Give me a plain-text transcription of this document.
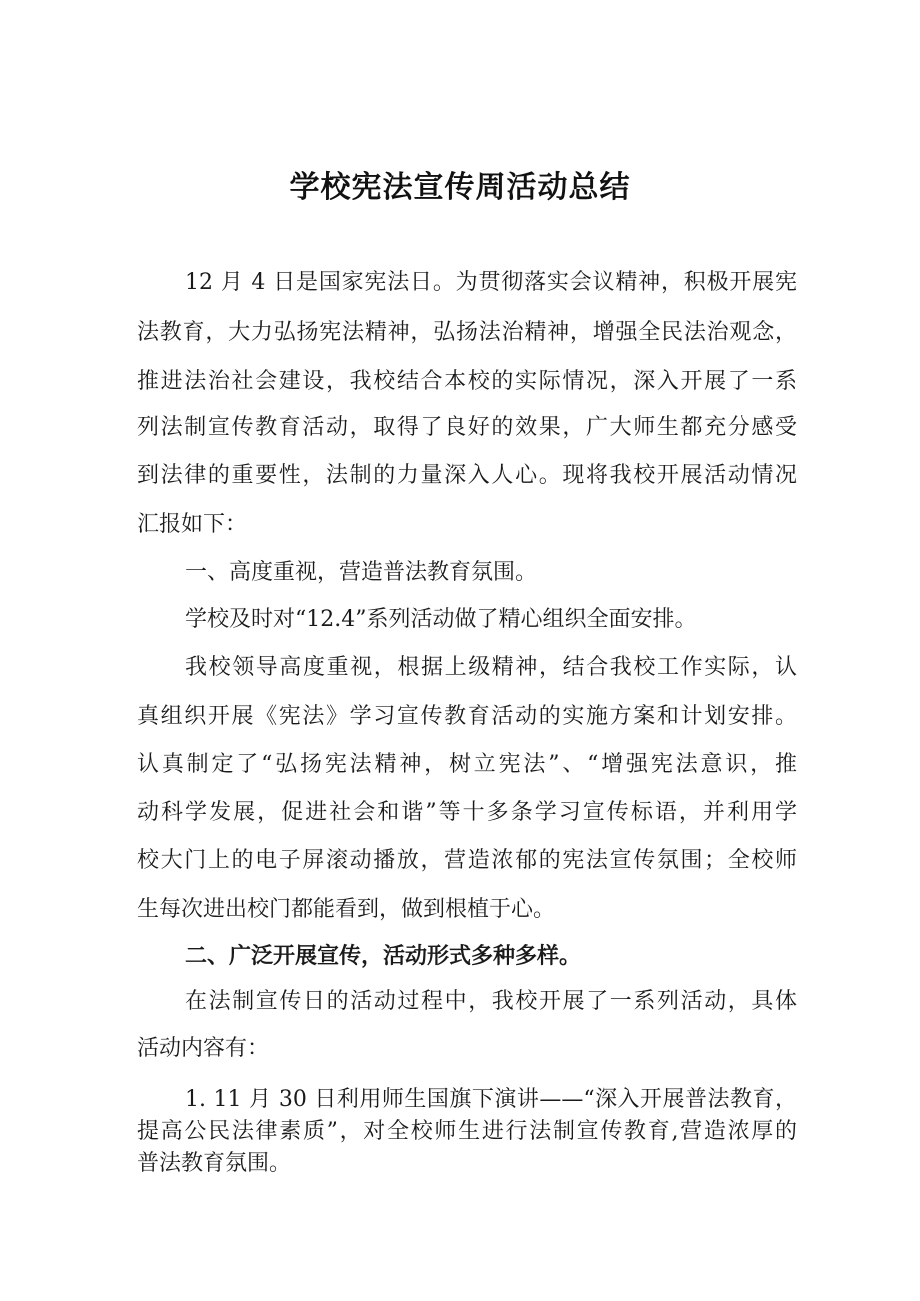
学校宪法宣传周活动总结
12 月 4 日是国家宪法日。为贯彻落实会议精神，积极开展宪
法教育，大力弘扬宪法精神，弘扬法治精神，增强全民法治观念，
推进法治社会建设，我校结合本校的实际情况，深入开展了一系
列法制宣传教育活动，取得了良好的效果，广大师生都充分感受
到法律的重要性，法制的力量深入人心。现将我校开展活动情况
汇报如下：
一、高度重视，营造普法教育氛围。
学校及时对“12.4”系列活动做了精心组织全面安排。
我校领导高度重视，根据上级精神，结合我校工作实际，认
真组织开展《宪法》学习宣传教育活动的实施方案和计划安排。
认真制定了“弘扬宪法精神，树立宪法”、“增强宪法意识，推
动科学发展，促进社会和谐”等十多条学习宣传标语，并利用学
校大门上的电子屏滚动播放，营造浓郁的宪法宣传氛围；全校师
生每次进出校门都能看到，做到根植于心。
二、广泛开展宣传，活动形式多种多样。
在法制宣传日的活动过程中，我校开展了一系列活动，具体
活动内容有：
1. 11 月 30 日利用师生国旗下演讲——“深入开展普法教育，
提高公民法律素质”，对全校师生进行法制宣传教育,营造浓厚的
普法教育氛围。
